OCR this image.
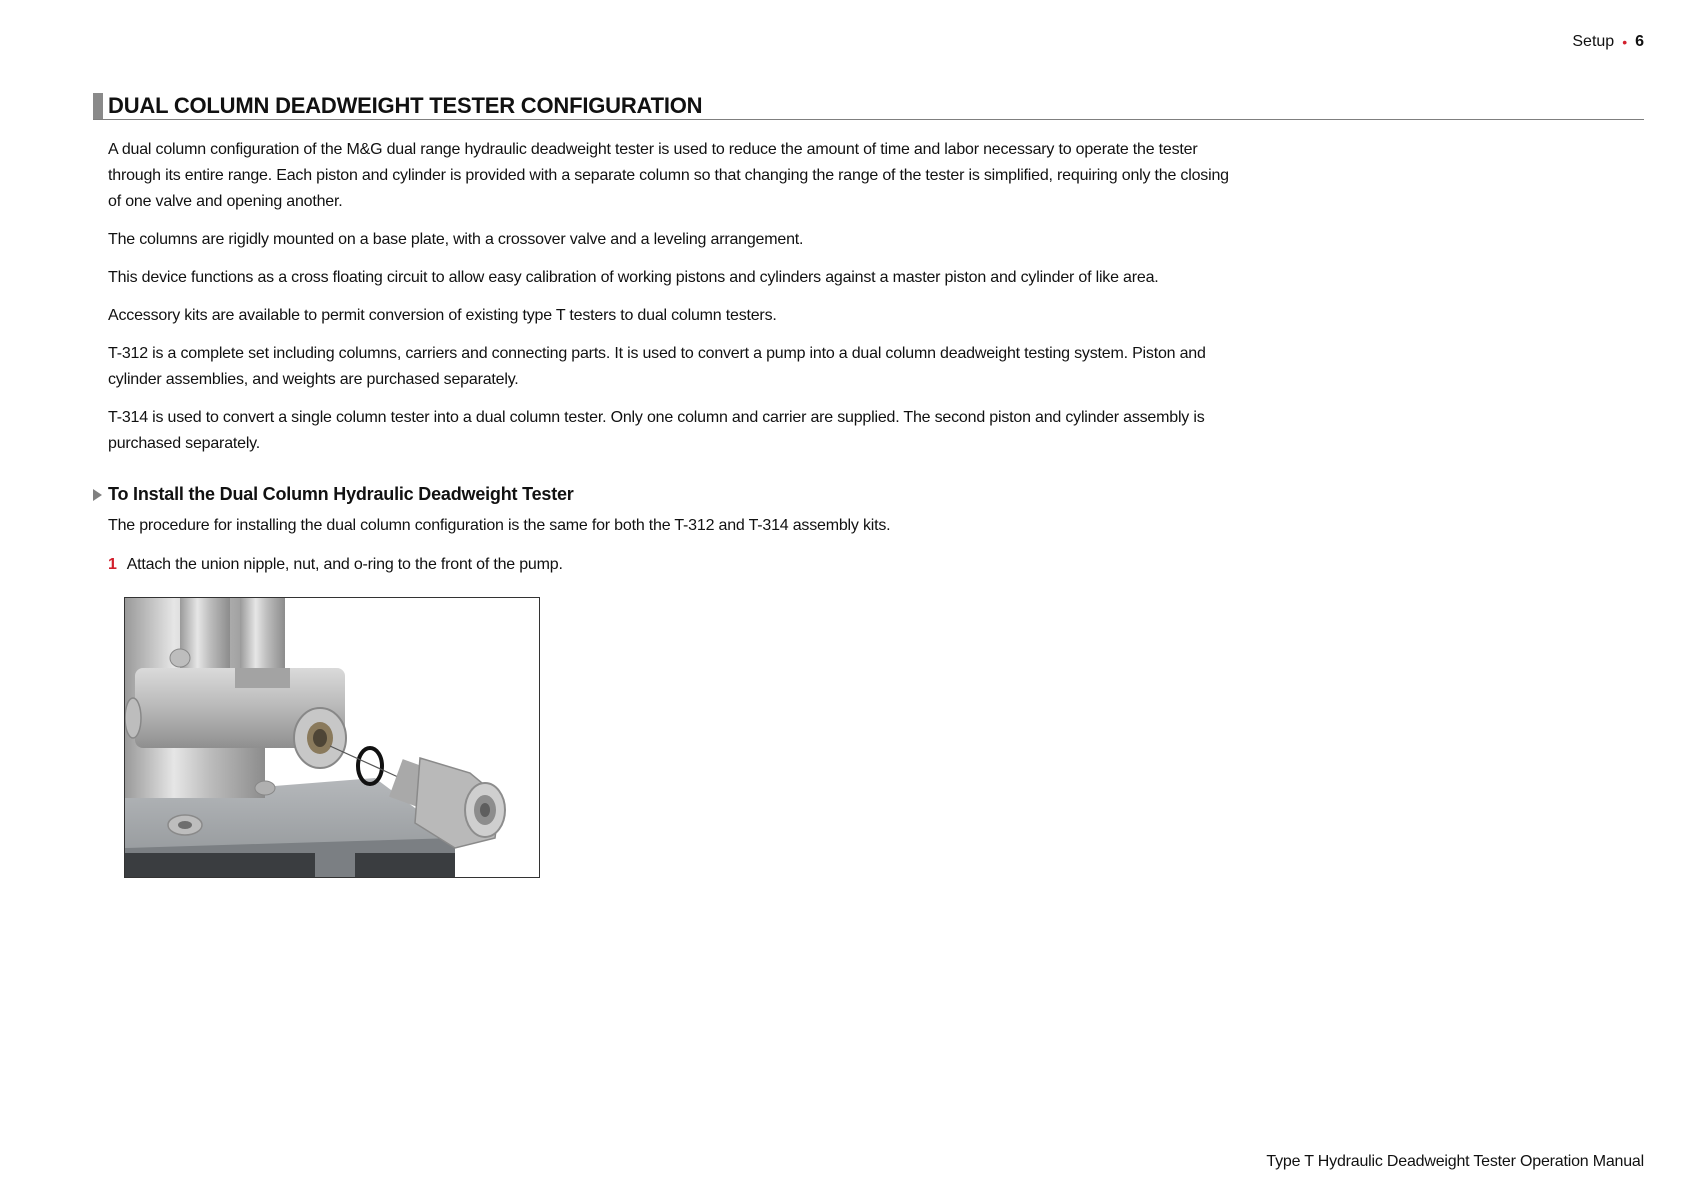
Setup • 6
DUAL COLUMN DEADWEIGHT TESTER CONFIGURATION

A dual column configuration of the M&G dual range hydraulic deadweight tester is used to reduce the amount of time and labor necessary to operate the tester through its entire range. Each piston and cylinder is provided with a separate column so that changing the range of the tester is simplified, requiring only the closing of one valve and opening another.

The columns are rigidly mounted on a base plate, with a crossover valve and a leveling arrangement.

This device functions as a cross floating circuit to allow easy calibration of working pistons and cylinders against a master piston and cylinder of like area.

Accessory kits are available to permit conversion of existing type T testers to dual column testers.

T-312 is a complete set including columns, carriers and connecting parts. It is used to convert a pump into a dual column deadweight testing system. Piston and cylinder assemblies, and weights are purchased separately.

T-314 is used to convert a single column tester into a dual column tester. Only one column and carrier are supplied. The second piston and cylinder assembly is purchased separately.

To Install the Dual Column Hydraulic Deadweight Tester
The procedure for installing the dual column configuration is the same for both the T-312 and T-314 assembly kits.
1 Attach the union nipple, nut, and o-ring to the front of the pump.
Type T Hydraulic Deadweight Tester Operation Manual
